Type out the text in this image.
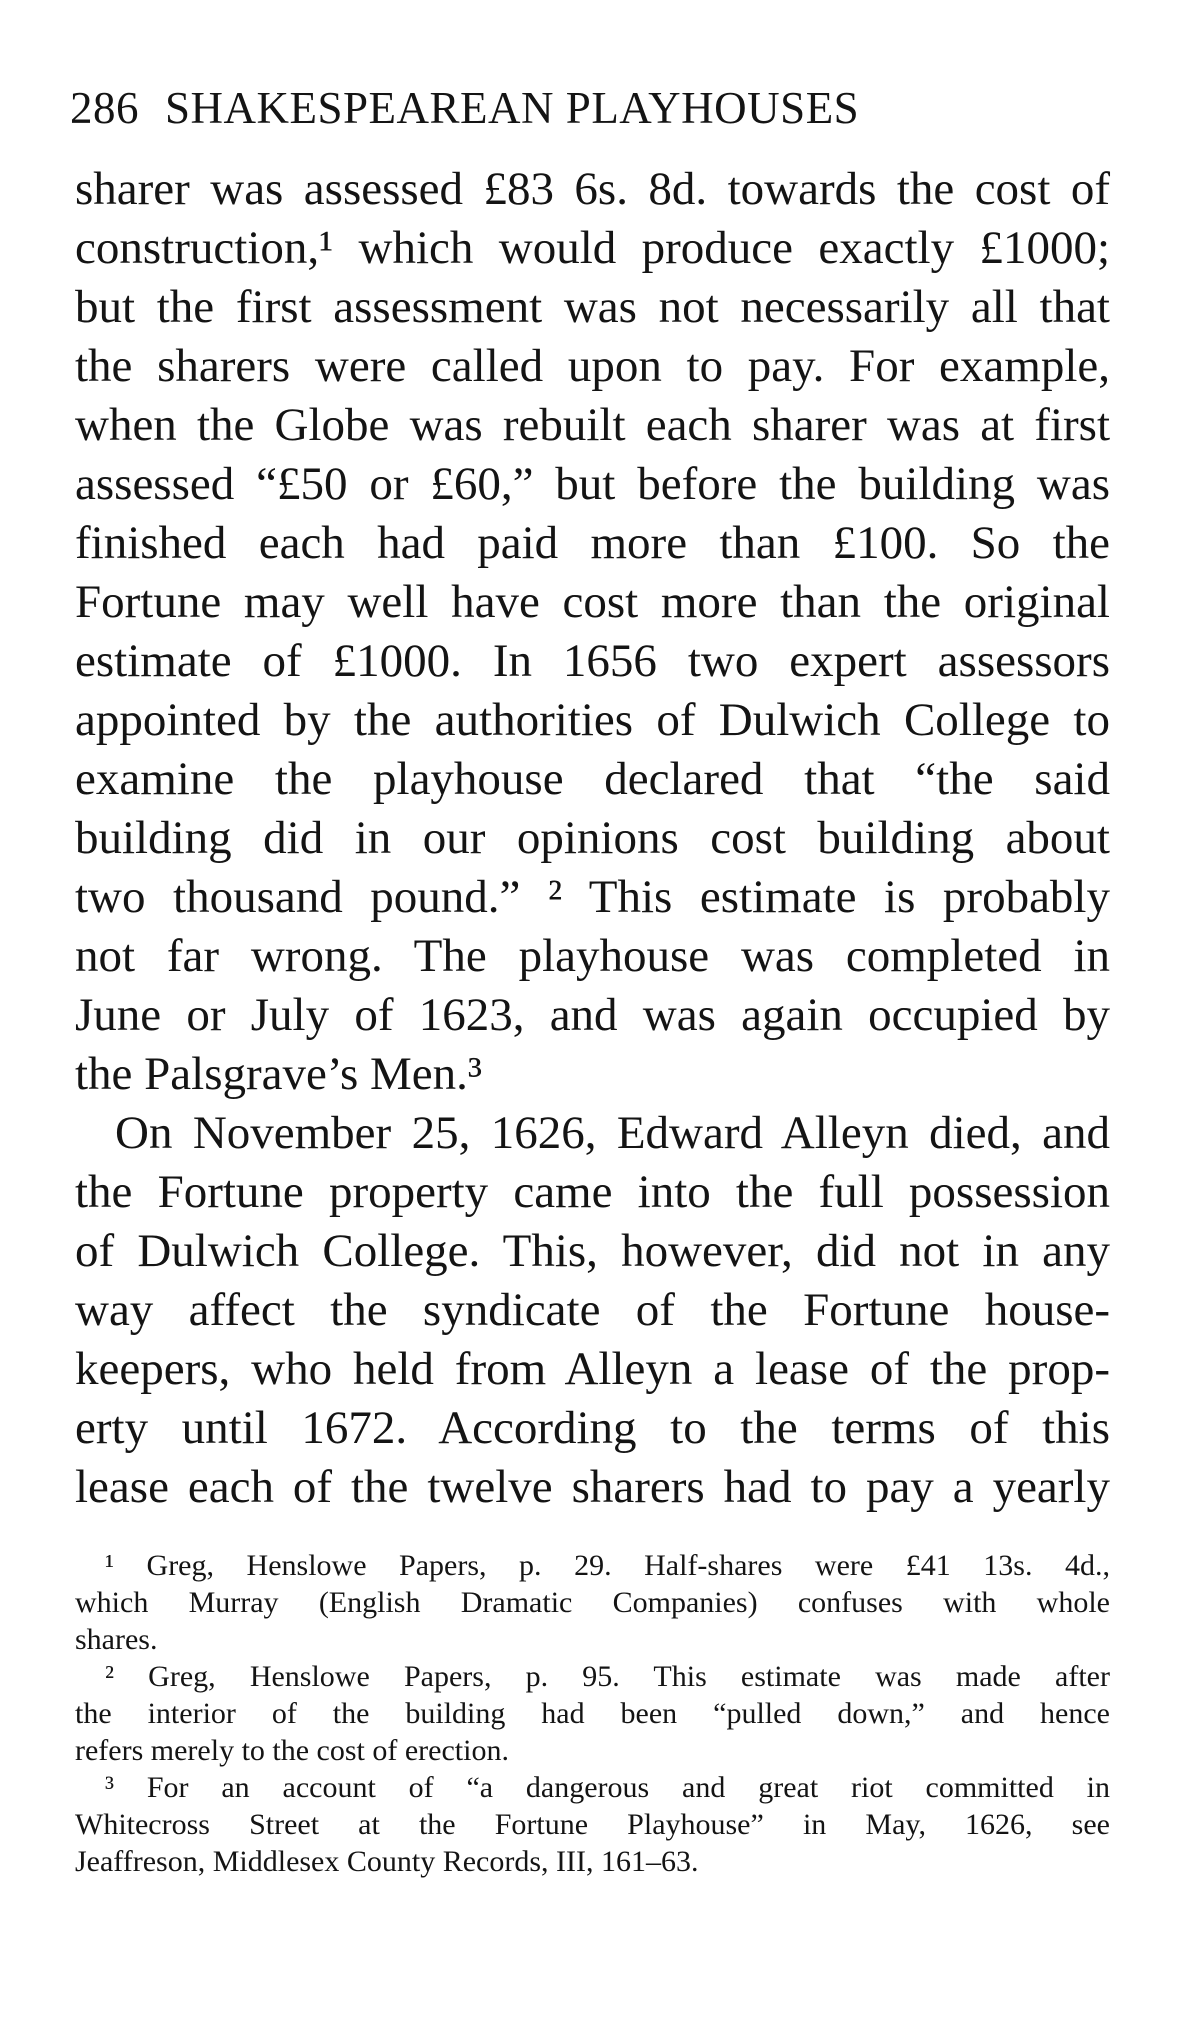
286 SHAKESPEAREAN PLAYHOUSES
sharer was assessed £83 6s. 8d. towards the cost of
construction,¹ which would produce exactly £1000;
but the first assessment was not necessarily all that
the sharers were called upon to pay. For example,
when the Globe was rebuilt each sharer was at first
assessed “£50 or £60,” but before the building was
finished each had paid more than £100. So the
Fortune may well have cost more than the original
estimate of £1000. In 1656 two expert assessors
appointed by the authorities of Dulwich College to
examine the playhouse declared that “the said
building did in our opinions cost building about
two thousand pound.” ² This estimate is probably
not far wrong. The playhouse was completed in
June or July of 1623, and was again occupied by
the Palsgrave’s Men.³
On November 25, 1626, Edward Alleyn died, and
the Fortune property came into the full possession
of Dulwich College. This, however, did not in any
way affect the syndicate of the Fortune house-
keepers, who held from Alleyn a lease of the prop-
erty until 1672. According to the terms of this
lease each of the twelve sharers had to pay a yearly
¹ Greg, Henslowe Papers, p. 29. Half-shares were £41 13s. 4d.,
which Murray (English Dramatic Companies) confuses with whole
shares.
² Greg, Henslowe Papers, p. 95. This estimate was made after
the interior of the building had been “pulled down,” and hence
refers merely to the cost of erection.
³ For an account of “a dangerous and great riot committed in
Whitecross Street at the Fortune Playhouse” in May, 1626, see
Jeaffreson, Middlesex County Records, III, 161–63.
